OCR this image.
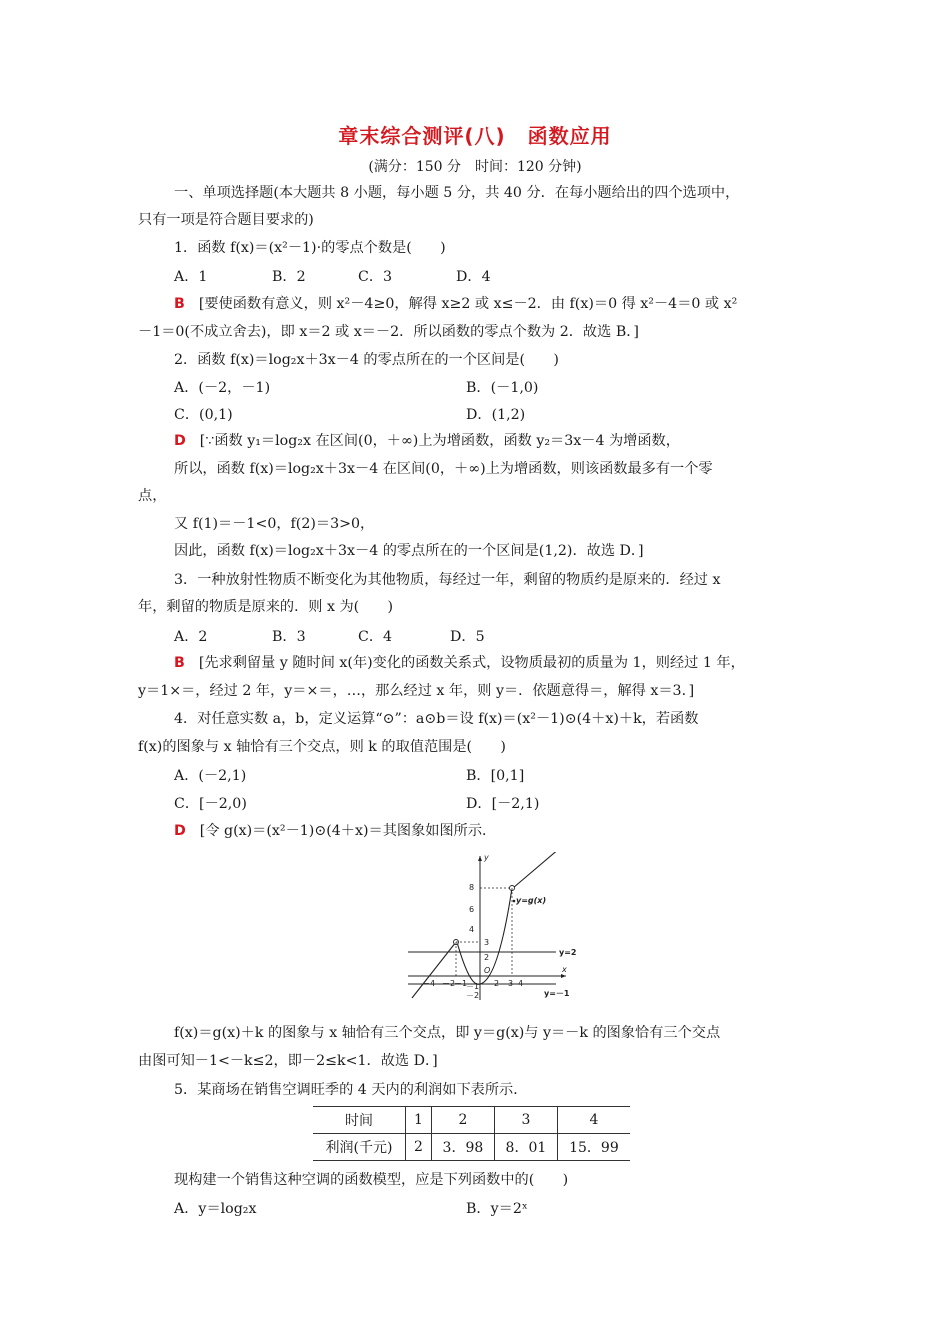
章末综合测评(八) 函数应用
(满分：150 分　时间：120 分钟)
一、单项选择题(本大题共 8 小题，每小题 5 分，共 40 分．在每小题给出的四个选项中，
只有一项是符合题目要求的)
1．函数 f(x)＝(x²－1)·的零点个数是(　　)
A．1	B．2	C．3	D．4
B [要使函数有意义，则 x²－4≥0，解得 x≥2 或 x≤－2．由 f(x)＝0 得 x²－4＝0 或 x²
－1＝0(不成立舍去)，即 x＝2 或 x＝－2．所以函数的零点个数为 2．故选 B．]
2．函数 f(x)＝log₂x＋3x－4 的零点所在的一个区间是(　　)
A．(－2，－1)	B．(－1,0)
C．(0,1)	D．(1,2)
D [∵函数 y₁＝log₂x 在区间(0，＋∞)上为增函数，函数 y₂＝3x－4 为增函数，
所以，函数 f(x)＝log₂x＋3x－4 在区间(0，＋∞)上为增函数，则该函数最多有一个零
点，
又 f(1)＝－1<0，f(2)＝3>0，
因此，函数 f(x)＝log₂x＋3x－4 的零点所在的一个区间是(1,2)．故选 D．]
3．一种放射性物质不断变化为其他物质，每经过一年，剩留的物质约是原来的．经过 x
年，剩留的物质是原来的．则 x 为(　　)
A．2	B．3	C．4	D．5
B [先求剩留量 y 随时间 x(年)变化的函数关系式，设物质最初的质量为 1，则经过 1 年，
y＝1×＝，经过 2 年，y＝×＝，…，那么经过 x 年，则 y＝．依题意得＝，解得 x＝3．]
4．对任意实数 a，b，定义运算“⊙”：a⊙b＝设 f(x)＝(x²－1)⊙(4＋x)＋k，若函数
f(x)的图象与 x 轴恰有三个交点，则 k 的取值范围是(　　)
A．(－2,1)	B．[0,1]
C．[－2,0)	D．[－2,1)
D [令 g(x)＝(x²－1)⊙(4＋x)＝其图象如图所示．
y
x
y=2
y=－1
y=g(x)
8
6
4
3
2
－1
－2
O
－4 －2
－1	2 3 4
f(x)＝g(x)＋k 的图象与 x 轴恰有三个交点，即 y＝g(x)与 y＝－k 的图象恰有三个交点
由图可知－1<－k≤2，即－2≤k<1．故选 D．]
5．某商场在销售空调旺季的 4 天内的利润如下表所示．
时间	1	2	3	4
利润(千元)	2	3．98	8．01	15．99
现构建一个销售这种空调的函数模型，应是下列函数中的(　　)
A．y＝log₂x	B．y＝2ˣ
